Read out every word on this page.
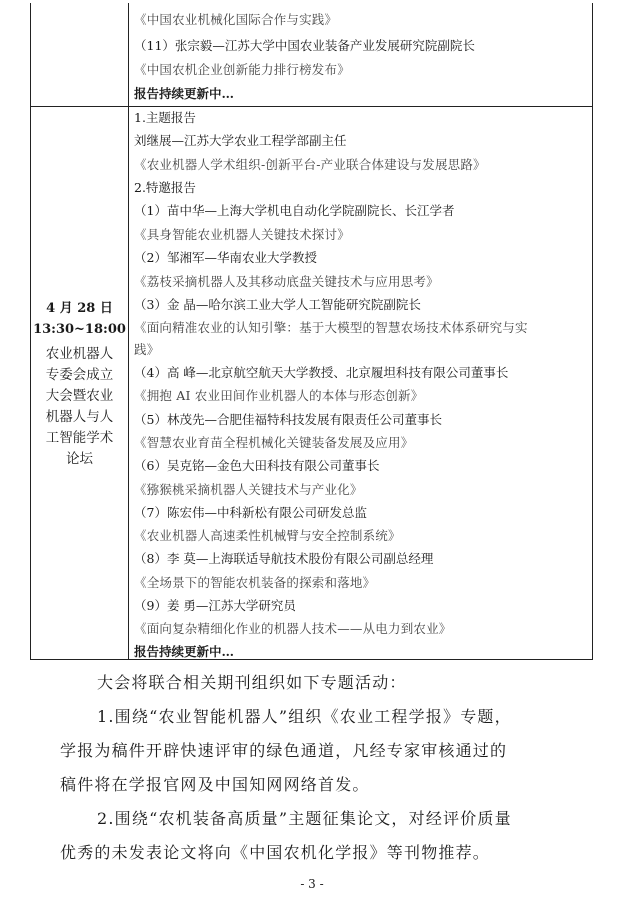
4 月 28 日
13:30~18:00
农业机器人专委会成立大会暨农业机器人与人工智能学术论坛
《中国农业机械化国际合作与实践》
（11）张宗毅—江苏大学中国农业装备产业发展研究院副院长
《中国农机企业创新能力排行榜发布》
报告持续更新中…
1.主题报告
刘继展—江苏大学农业工程学部副主任
《农业机器人学术组织-创新平台-产业联合体建设与发展思路》
2.特邀报告
（1）苗中华—上海大学机电自动化学院副院长、长江学者
《具身智能农业机器人关键技术探讨》
（2）邹湘军—华南农业大学教授
《荔枝采摘机器人及其移动底盘关键技术与应用思考》
（3）金 晶—哈尔滨工业大学人工智能研究院副院长
《面向精准农业的认知引擎：基于大模型的智慧农场技术体系研究与实
践》
（4）高 峰—北京航空航天大学教授、北京履坦科技有限公司董事长
《拥抱 AI 农业田间作业机器人的本体与形态创新》
（5）林茂先—合肥佳福特科技发展有限责任公司董事长
《智慧农业育苗全程机械化关键装备发展及应用》
（6）吴克铭—金色大田科技有限公司董事长
《猕猴桃采摘机器人关键技术与产业化》
（7）陈宏伟—中科新松有限公司研发总监
《农业机器人高速柔性机械臂与安全控制系统》
（8）李 莫—上海联适导航技术股份有限公司副总经理
《全场景下的智能农机装备的探索和落地》
（9）姜 勇—江苏大学研究员
《面向复杂精细化作业的机器人技术——从电力到农业》
报告持续更新中…
大会将联合相关期刊组织如下专题活动：
1.围绕“农业智能机器人”组织《农业工程学报》专题，
学报为稿件开辟快速评审的绿色通道，凡经专家审核通过的
稿件将在学报官网及中国知网网络首发。
2.围绕“农机装备高质量”主题征集论文，对经评价质量
优秀的未发表论文将向《中国农机化学报》等刊物推荐。
- 3 -
